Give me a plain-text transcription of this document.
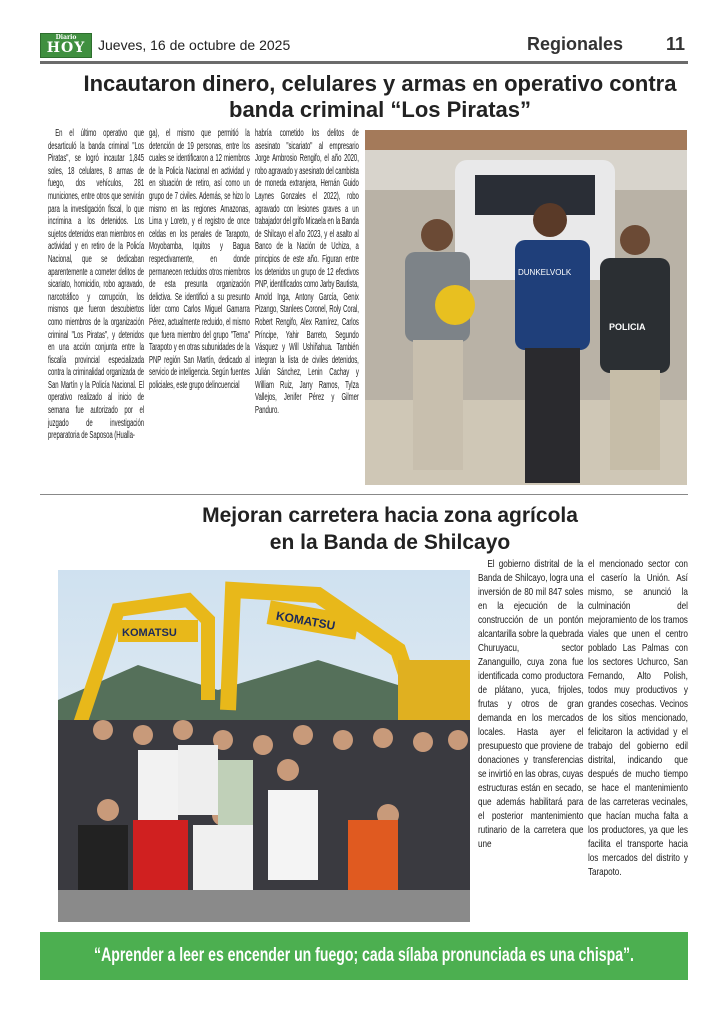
Diario
HOY Jueves, 16 de octubre de 2025	Regionales 11
Incautaron dinero, celulares y armas en operativo contra banda criminal “Los Piratas”

En el último operativo que desarticuló la banda criminal "Los Piratas", se logró incautar 1,845 soles, 18 celulares, 8 armas de fuego, dos vehículos, 281 municiones, entre otros que servirán para la investigación fiscal, lo que incrimina a los detenidos. Los sujetos detenidos eran miembros en actividad y en retiro de la Policía Nacional, que se dedicaban aparentemente a cometer delitos de sicariato, homicidio, robo agravado, narcotráfico y corrupción, los mismos que fueron descubiertos como miembros de la organización criminal "Los Piratas", y detenidos en una acción conjunta entre la fiscalía provincial especializada contra la criminalidad organizada de San Martín y la Policía Nacional. El operativo realizado al inicio de semana fue autorizado por el juzgado de investigación preparatoria de Saposoa (Hualla-

ga), el mismo que permitió la detención de 19 personas, entre los cuales se identificaron a 12 miembros de la Policía Nacional en actividad y en situación de retiro, así como un grupo de 7 civiles. Además, se hizo lo mismo en las regiones Amazonas, Lima y Loreto, y el registro de once celdas en los penales de Tarapoto, Moyobamba, Iquitos y Bagua respectivamente, en donde permanecen recluidos otros miembros de esta presunta organización delictiva. Se identificó a su presunto líder como Carlos Miguel Gamarra Pérez, actualmente recluido, el mismo que fuera miembro del grupo "Terna" Tarapoto y en otras subunidades de la PNP región San Martín, dedicado al servicio de inteligencia. Según fuentes policiales, este grupo delincuencial

habría cometido los delitos de asesinato "sicariato" al empresario Jorge Ambrosio Rengifo, el año 2020, robo agravado y asesinato del cambista de moneda extranjera, Hernán Guido Laynes Gonzales el 2022), robo agravado con lesiones graves a un trabajador del grifo Micaela en la Banda de Shilcayo el año 2023, y el asalto al Banco de la Nación de Uchiza, a principios de este año. Figuran entre los detenidos un grupo de 12 efectivos PNP, identificados como Jarby Bautista, Arnold Inga, Antony García, Genix Pizango, Stanlees Coronel, Roly Coral, Robert Rengifo, Alex Ramírez, Carlos Príncipe, Yahir Barreto, Segundo Vásquez y Will Ushiñahua. También integran la lista de civiles detenidos, Julián Sánchez, Lenin Cachay y William Ruiz, Jarry Ramos, Tylza Vallejos, Jenifer Pérez y Gilmer Panduro.

DUNKELVOLK
POLICIA
Mejoran carretera hacia zona agrícola en la Banda de Shilcayo
KOMATSU
KOMATSU

El gobierno distrital de la Banda de Shilcayo, logra una inversión de 80 mil 847 soles en la ejecución de la construcción de un pontón alcantarilla sobre la quebrada Churuyacu, sector Zananguillo, cuya zona fue identificada como productora de plátano, yuca, frijoles, frutas y otros de gran demanda en los mercados locales. Hasta ayer el presupuesto que proviene de donaciones y transferencias se invirtió en las obras, cuyas estructuras están en secado, que además habilitará para el posterior mantenimiento rutinario de la carretera que une

el mencionado sector con el caserío la Unión. Así mismo, se anunció la culminación del mejoramiento de los tramos viales que unen el centro poblado Las Palmas con los sectores Uchurco, San Fernando, Alto Polish, todos muy productivos y grandes cosechas. Vecinos de los sitios mencionado, felicitaron la actividad y el trabajo del gobierno edil distrital, indicando que después de mucho tiempo se hace el mantenimiento de las carreteras vecinales, que hacían mucha falta a los productores, ya que les facilita el transporte hacia los mercados del distrito y Tarapoto.

“Aprender a leer es encender un fuego; cada sílaba pronunciada es una chispa”.
